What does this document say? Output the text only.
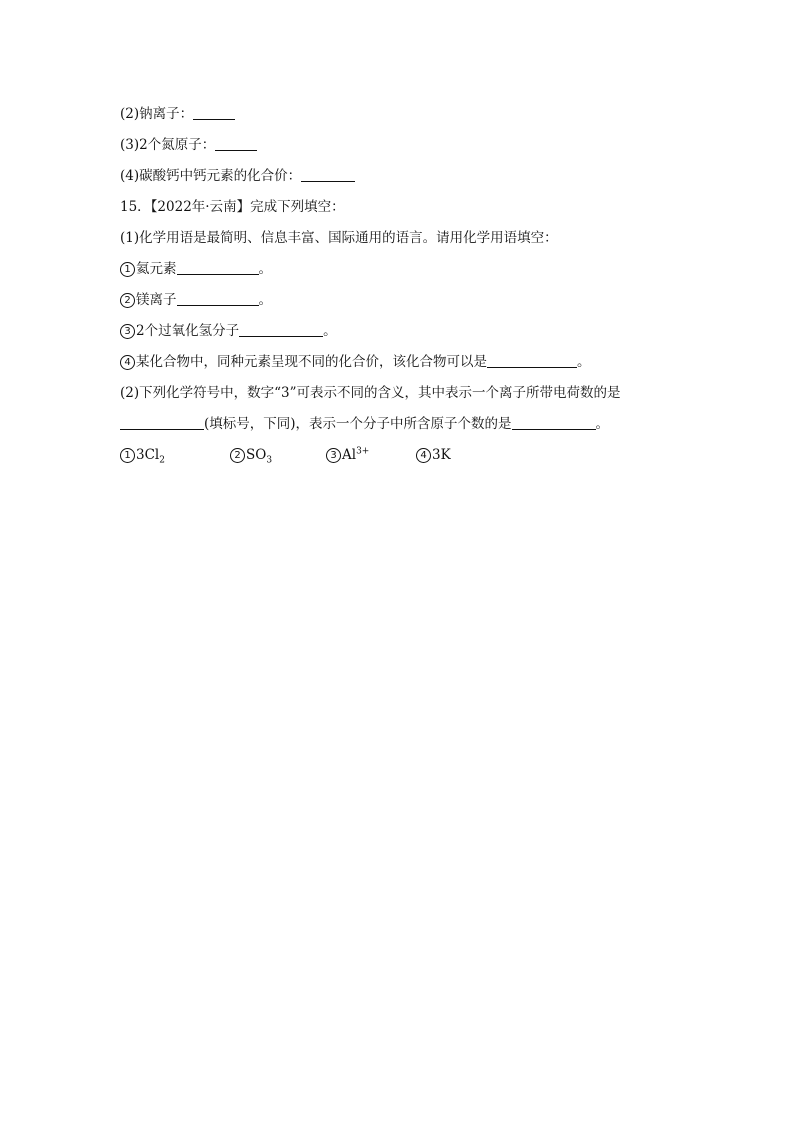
(2)钠离子：
(3)2个氮原子：
(4)碳酸钙中钙元素的化合价：
15．【2022年·云南】完成下列填空：
(1)化学用语是最简明、信息丰富、国际通用的语言。请用化学用语填空：
1 氦元素	。
2 镁离子	。
3 2个过氧化氢分子	。
4 某化合物中，同种元素呈现不同的化合价，该化合物可以是	。
(2)下列化学符号中，数字“3”可表示不同的含义，其中表示一个离子所带电荷数的是
(填标号，下同)，表示一个分子中所含原子个数的是	。
1 $3Cl_2$	2 $SO_3$	3 $Al^{3+}$	4 3K
